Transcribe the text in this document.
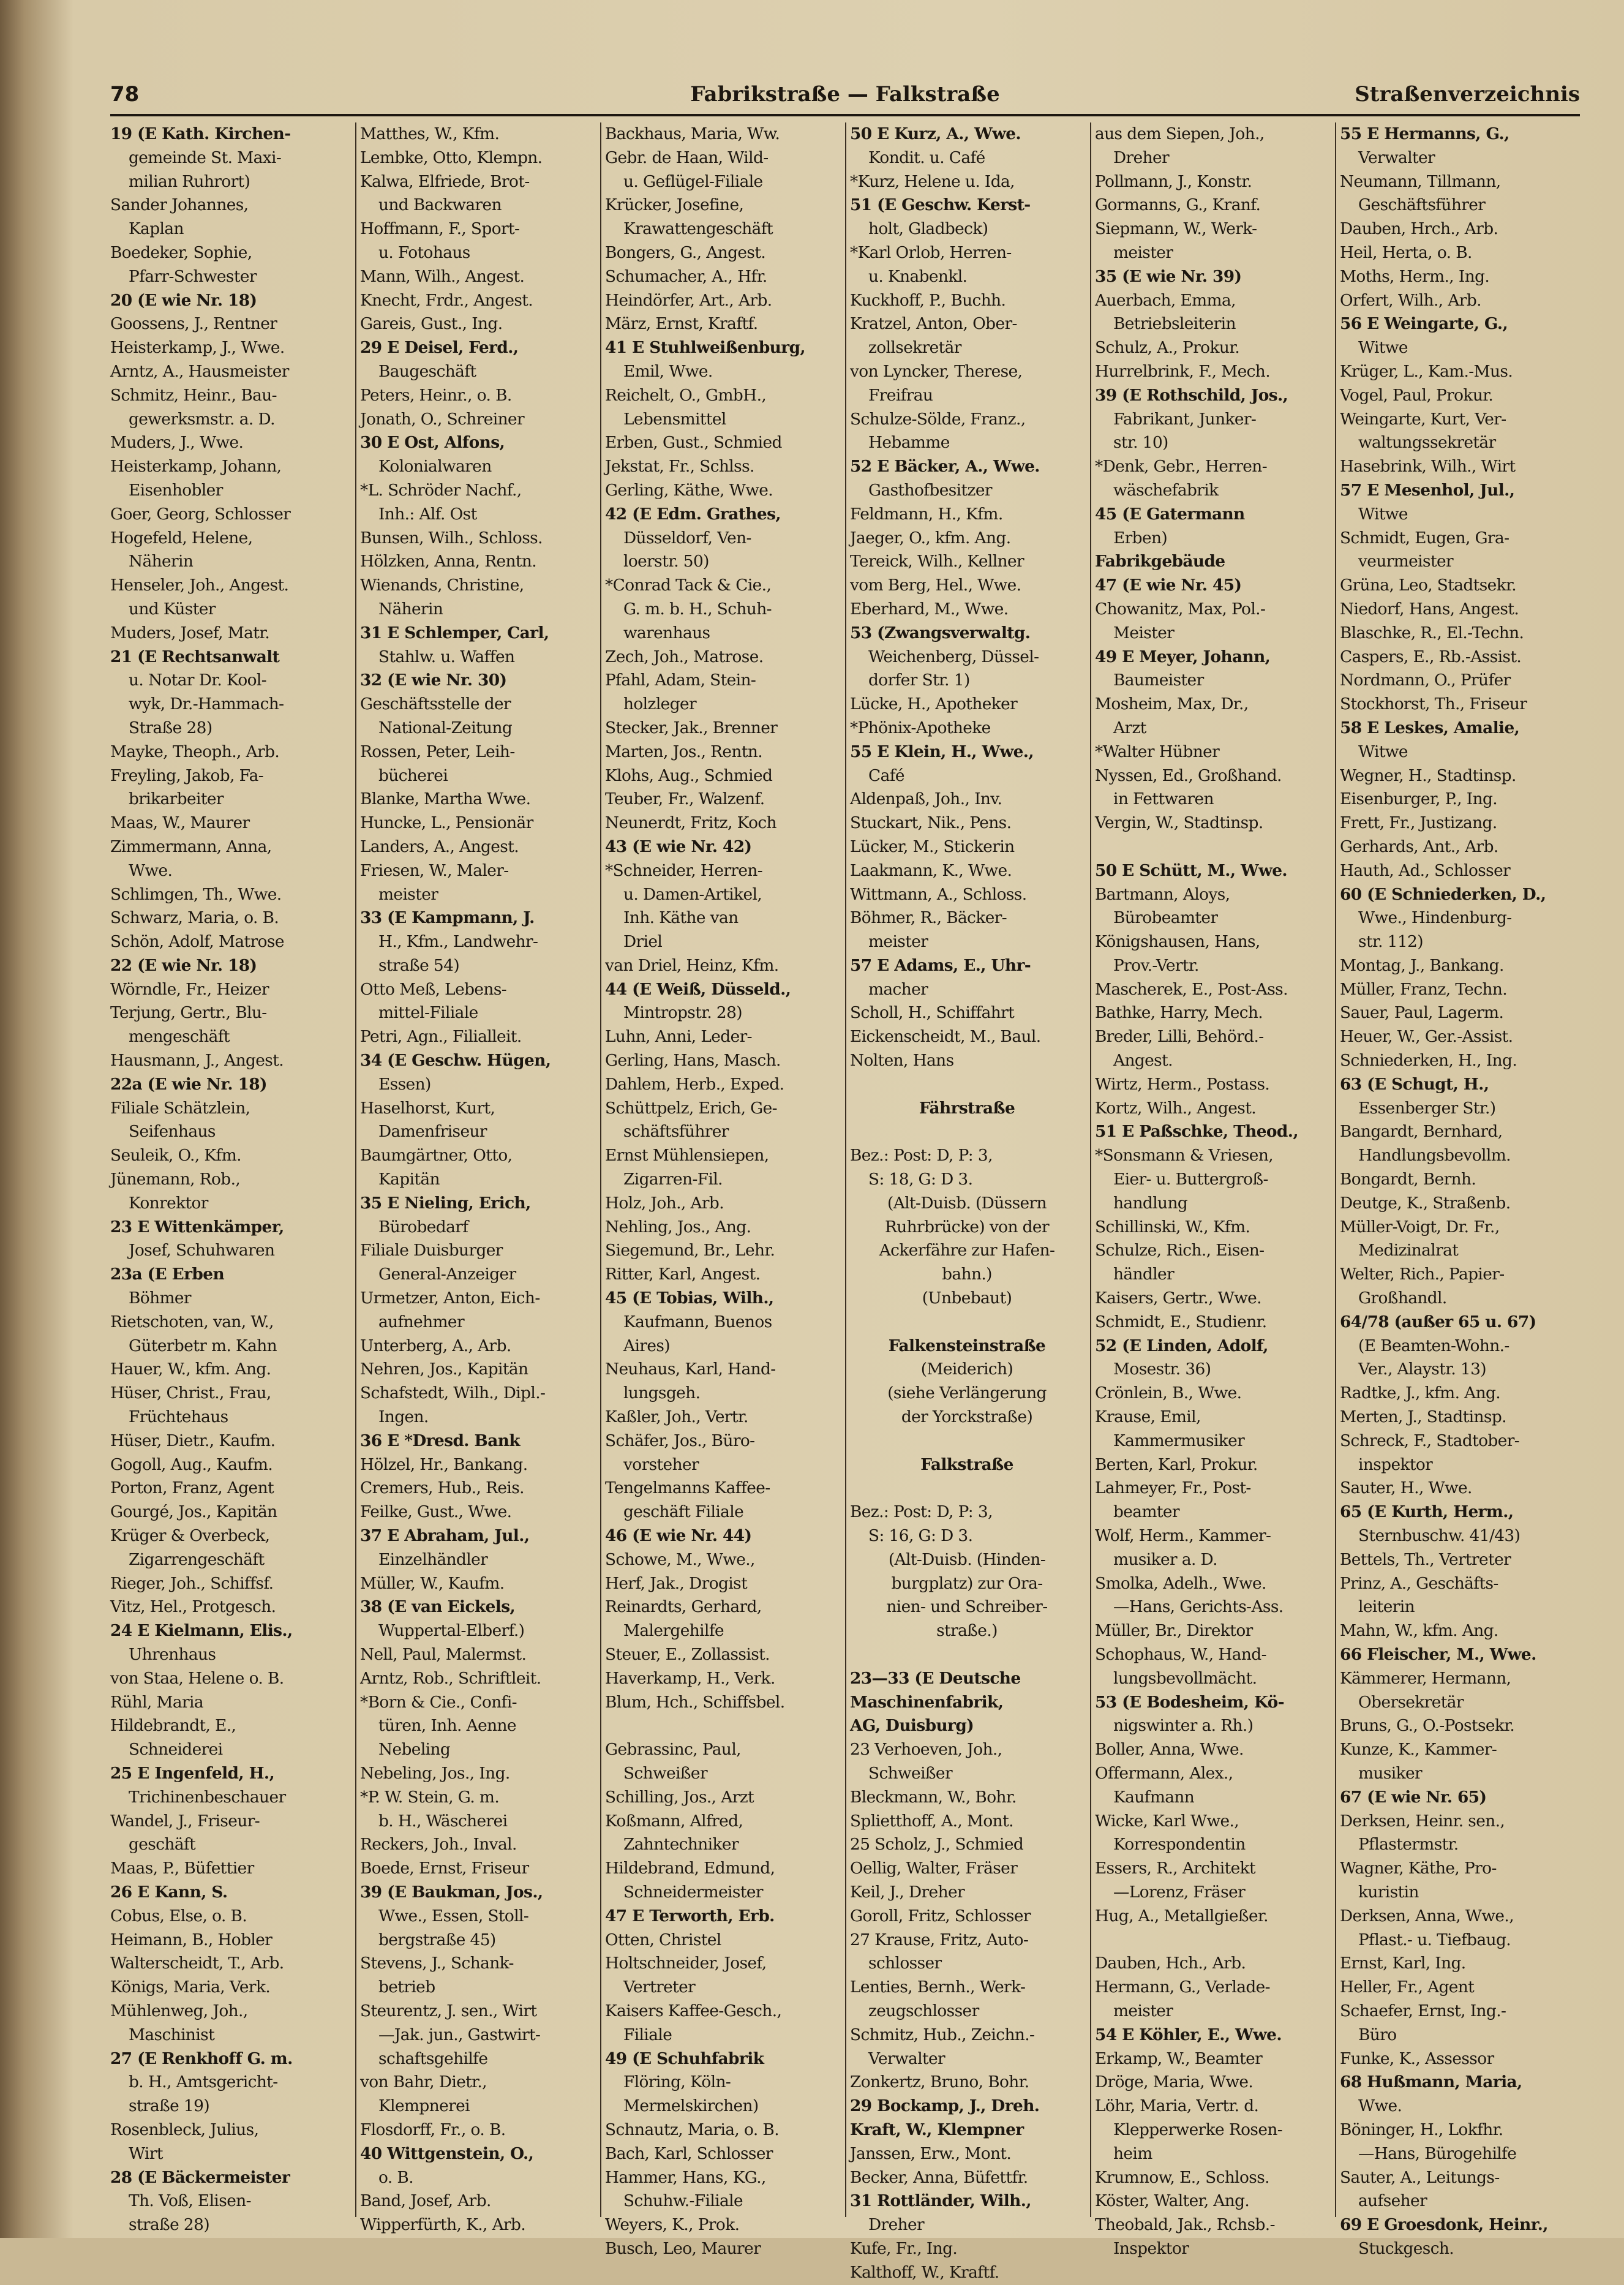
78	Fabrikstraße — Falkstraße	Straßenverzeichnis
19 (E Kath. Kirchen-
gemeinde St. Maxi-
milian Ruhrort)
Sander Johannes,
Kaplan
Boedeker, Sophie,
Pfarr-Schwester
20 (E wie Nr. 18)
Goossens, J., Rentner
Heisterkamp, J., Wwe.
Arntz, A., Hausmeister
Schmitz, Heinr., Bau-
gewerksmstr. a. D.
Muders, J., Wwe.
Heisterkamp, Johann,
Eisenhobler
Goer, Georg, Schlosser
Hogefeld, Helene,
Näherin
Henseler, Joh., Angest.
und Küster
Muders, Josef, Matr.
21 (E Rechtsanwalt
u. Notar Dr. Kool-
wyk, Dr.-Hammach-
Straße 28)
Mayke, Theoph., Arb.
Freyling, Jakob, Fa-
brikarbeiter
Maas, W., Maurer
Zimmermann, Anna,
Wwe.
Schlimgen, Th., Wwe.
Schwarz, Maria, o. B.
Schön, Adolf, Matrose
22 (E wie Nr. 18)
Wörndle, Fr., Heizer
Terjung, Gertr., Blu-
mengeschäft
Hausmann, J., Angest.
22a (E wie Nr. 18)
Filiale Schätzlein,
Seifenhaus
Seuleik, O., Kfm.
Jünemann, Rob.,
Konrektor
23 E Wittenkämper,
Josef, Schuhwaren
23a (E Erben
Böhmer
Rietschoten, van, W.,
Güterbetr m. Kahn
Hauer, W., kfm. Ang.
Hüser, Christ., Frau,
Früchtehaus
Hüser, Dietr., Kaufm.
Gogoll, Aug., Kaufm.
Porton, Franz, Agent
Gourgé, Jos., Kapitän
Krüger & Overbeck,
Zigarrengeschäft
Rieger, Joh., Schiffsf.
Vitz, Hel., Protgesch.
24 E Kielmann, Elis.,
Uhrenhaus
von Staa, Helene o. B.
Rühl, Maria
Hildebrandt, E.,
Schneiderei
25 E Ingenfeld, H.,
Trichinenbeschauer
Wandel, J., Friseur-
geschäft
Maas, P., Büfettier
26 E Kann, S.
Cobus, Else, o. B.
Heimann, B., Hobler
Walterscheidt, T., Arb.
Königs, Maria, Verk.
Mühlenweg, Joh.,
Maschinist
27 (E Renkhoff G. m.
b. H., Amtsgericht-
straße 19)
Rosenbleck, Julius,
Wirt
28 (E Bäckermeister
Th. Voß, Elisen-
straße 28)
Matthes, W., Kfm.
Lembke, Otto, Klempn.
Kalwa, Elfriede, Brot-
und Backwaren
Hoffmann, F., Sport-
u. Fotohaus
Mann, Wilh., Angest.
Knecht, Frdr., Angest.
Gareis, Gust., Ing.
29 E Deisel, Ferd.,
Baugeschäft
Peters, Heinr., o. B.
Jonath, O., Schreiner
30 E Ost, Alfons,
Kolonialwaren
*L. Schröder Nachf.,
Inh.: Alf. Ost
Bunsen, Wilh., Schloss.
Hölzken, Anna, Rentn.
Wienands, Christine,
Näherin
31 E Schlemper, Carl,
Stahlw. u. Waffen
32 (E wie Nr. 30)
Geschäftsstelle der
National-Zeitung
Rossen, Peter, Leih-
bücherei
Blanke, Martha Wwe.
Huncke, L., Pensionär
Landers, A., Angest.
Friesen, W., Maler-
meister
33 (E Kampmann, J.
H., Kfm., Landwehr-
straße 54)
Otto Meß, Lebens-
mittel-Filiale
Petri, Agn., Filialleit.
34 (E Geschw. Hügen,
Essen)
Haselhorst, Kurt,
Damenfriseur
Baumgärtner, Otto,
Kapitän
35 E Nieling, Erich,
Bürobedarf
Filiale Duisburger
General-Anzeiger
Urmetzer, Anton, Eich-
aufnehmer
Unterberg, A., Arb.
Nehren, Jos., Kapitän
Schafstedt, Wilh., Dipl.-
Ingen.
36 E *Dresd. Bank
Hölzel, Hr., Bankang.
Cremers, Hub., Reis.
Feilke, Gust., Wwe.
37 E Abraham, Jul.,
Einzelhändler
Müller, W., Kaufm.
38 (E van Eickels,
Wuppertal-Elberf.)
Nell, Paul, Malermst.
Arntz, Rob., Schriftleit.
*Born & Cie., Confi-
türen, Inh. Aenne
Nebeling
Nebeling, Jos., Ing.
*P. W. Stein, G. m.
b. H., Wäscherei
Reckers, Joh., Inval.
Boede, Ernst, Friseur
39 (E Baukman, Jos.,
Wwe., Essen, Stoll-
bergstraße 45)
Stevens, J., Schank-
betrieb
Steurentz, J. sen., Wirt
—Jak. jun., Gastwirt-
schaftsgehilfe
von Bahr, Dietr.,
Klempnerei
Flosdorff, Fr., o. B.
40 Wittgenstein, O.,
o. B.
Band, Josef, Arb.
Wipperfürth, K., Arb.
Backhaus, Maria, Ww.
Gebr. de Haan, Wild-
u. Geflügel-Filiale
Krücker, Josefine,
Krawattengeschäft
Bongers, G., Angest.
Schumacher, A., Hfr.
Heindörfer, Art., Arb.
März, Ernst, Kraftf.
41 E Stuhlweißenburg,
Emil, Wwe.
Reichelt, O., GmbH.,
Lebensmittel
Erben, Gust., Schmied
Jekstat, Fr., Schlss.
Gerling, Käthe, Wwe.
42 (E Edm. Grathes,
Düsseldorf, Ven-
loerstr. 50)
*Conrad Tack & Cie.,
G. m. b. H., Schuh-
warenhaus
Zech, Joh., Matrose.
Pfahl, Adam, Stein-
holzleger
Stecker, Jak., Brenner
Marten, Jos., Rentn.
Klohs, Aug., Schmied
Teuber, Fr., Walzenf.
Neunerdt, Fritz, Koch
43 (E wie Nr. 42)
*Schneider, Herren-
u. Damen-Artikel,
Inh. Käthe van
Driel
van Driel, Heinz, Kfm.
44 (E Weiß, Düsseld.,
Mintropstr. 28)
Luhn, Anni, Leder-
Gerling, Hans, Masch.
Dahlem, Herb., Exped.
Schüttpelz, Erich, Ge-
schäftsführer
Ernst Mühlensiepen,
Zigarren-Fil.
Holz, Joh., Arb.
Nehling, Jos., Ang.
Siegemund, Br., Lehr.
Ritter, Karl, Angest.
45 (E Tobias, Wilh.,
Kaufmann, Buenos
Aires)
Neuhaus, Karl, Hand-
lungsgeh.
Kaßler, Joh., Vertr.
Schäfer, Jos., Büro-
vorsteher
Tengelmanns Kaffee-
geschäft Filiale
46 (E wie Nr. 44)
Schowe, M., Wwe.,
Herf, Jak., Drogist
Reinardts, Gerhard,
Malergehilfe
Steuer, E., Zollassist.
Haverkamp, H., Verk.
Blum, Hch., Schiffsbel.
Gebrassinc, Paul,
Schweißer
Schilling, Jos., Arzt
Koßmann, Alfred,
Zahntechniker
Hildebrand, Edmund,
Schneidermeister
47 E Terworth, Erb.
Otten, Christel
Holtschneider, Josef,
Vertreter
Kaisers Kaffee-Gesch.,
Filiale
49 (E Schuhfabrik
Flöring, Köln-
Mermelskirchen)
Schnautz, Maria, o. B.
Bach, Karl, Schlosser
Hammer, Hans, KG.,
Schuhw.-Filiale
Weyers, K., Prok.
Busch, Leo, Maurer
50 E Kurz, A., Wwe.
Kondit. u. Café
*Kurz, Helene u. Ida,
51 (E Geschw. Kerst-
holt, Gladbeck)
*Karl Orlob, Herren-
u. Knabenkl.
Kuckhoff, P., Buchh.
Kratzel, Anton, Ober-
zollsekretär
von Lyncker, Therese,
Freifrau
Schulze-Sölde, Franz.,
Hebamme
52 E Bäcker, A., Wwe.
Gasthofbesitzer
Feldmann, H., Kfm.
Jaeger, O., kfm. Ang.
Tereick, Wilh., Kellner
vom Berg, Hel., Wwe.
Eberhard, M., Wwe.
53 (Zwangsverwaltg.
Weichenberg, Düssel-
dorfer Str. 1)
Lücke, H., Apotheker
*Phönix-Apotheke
55 E Klein, H., Wwe.,
Café
Aldenpaß, Joh., Inv.
Stuckart, Nik., Pens.
Lücker, M., Stickerin
Laakmann, K., Wwe.
Wittmann, A., Schloss.
Böhmer, R., Bäcker-
meister
57 E Adams, E., Uhr-
macher
Scholl, H., Schiffahrt
Eickenscheidt, M., Baul.
Nolten, Hans
Fährstraße
Bez.: Post: D, P: 3,
S: 18, G: D 3.
(Alt-Duisb. (Düssern
Ruhrbrücke) von der
Ackerfähre zur Hafen-
bahn.)
(Unbebaut)
Falkensteinstraße
(Meiderich)
(siehe Verlängerung
der Yorckstraße)
Falkstraße
Bez.: Post: D, P: 3,
S: 16, G: D 3.
(Alt-Duisb. (Hinden-
burgplatz) zur Ora-
nien- und Schreiber-
straße.)
23—33 (E Deutsche
Maschinenfabrik,
AG, Duisburg)
23 Verhoeven, Joh.,
Schweißer
Bleckmann, W., Bohr.
Splietthoff, A., Mont.
25 Scholz, J., Schmied
Oellig, Walter, Fräser
Keil, J., Dreher
Goroll, Fritz, Schlosser
27 Krause, Fritz, Auto-
schlosser
Lenties, Bernh., Werk-
zeugschlosser
Schmitz, Hub., Zeichn.-
Verwalter
Zonkertz, Bruno, Bohr.
29 Bockamp, J., Dreh.
Kraft, W., Klempner
Janssen, Erw., Mont.
Becker, Anna, Büfettfr.
31 Rottländer, Wilh.,
Dreher
Kufe, Fr., Ing.
Kalthoff, W., Kraftf.
aus dem Siepen, Joh.,
Dreher
Pollmann, J., Konstr.
Gormanns, G., Kranf.
Siepmann, W., Werk-
meister
35 (E wie Nr. 39)
Auerbach, Emma,
Betriebsleiterin
Schulz, A., Prokur.
Hurrelbrink, F., Mech.
39 (E Rothschild, Jos.,
Fabrikant, Junker-
str. 10)
*Denk, Gebr., Herren-
wäschefabrik
45 (E Gatermann
Erben)
Fabrikgebäude
47 (E wie Nr. 45)
Chowanitz, Max, Pol.-
Meister
49 E Meyer, Johann,
Baumeister
Mosheim, Max, Dr.,
Arzt
*Walter Hübner
Nyssen, Ed., Großhand.
in Fettwaren
Vergin, W., Stadtinsp.
50 E Schütt, M., Wwe.
Bartmann, Aloys,
Bürobeamter
Königshausen, Hans,
Prov.-Vertr.
Mascherek, E., Post-Ass.
Bathke, Harry, Mech.
Breder, Lilli, Behörd.-
Angest.
Wirtz, Herm., Postass.
Kortz, Wilh., Angest.
51 E Paßschke, Theod.,
*Sonsmann & Vriesen,
Eier- u. Buttergroß-
handlung
Schillinski, W., Kfm.
Schulze, Rich., Eisen-
händler
Kaisers, Gertr., Wwe.
Schmidt, E., Studienr.
52 (E Linden, Adolf,
Mosestr. 36)
Crönlein, B., Wwe.
Krause, Emil,
Kammermusiker
Berten, Karl, Prokur.
Lahmeyer, Fr., Post-
beamter
Wolf, Herm., Kammer-
musiker a. D.
Smolka, Adelh., Wwe.
—Hans, Gerichts-Ass.
Müller, Br., Direktor
Schophaus, W., Hand-
lungsbevollmächt.
53 (E Bodesheim, Kö-
nigswinter a. Rh.)
Boller, Anna, Wwe.
Offermann, Alex.,
Kaufmann
Wicke, Karl Wwe.,
Korrespondentin
Essers, R., Architekt
—Lorenz, Fräser
Hug, A., Metallgießer.
Dauben, Hch., Arb.
Hermann, G., Verlade-
meister
54 E Köhler, E., Wwe.
Erkamp, W., Beamter
Dröge, Maria, Wwe.
Löhr, Maria, Vertr. d.
Klepperwerke Rosen-
heim
Krumnow, E., Schloss.
Köster, Walter, Ang.
Theobald, Jak., Rchsb.-
Inspektor
55 E Hermanns, G.,
Verwalter
Neumann, Tillmann,
Geschäftsführer
Dauben, Hrch., Arb.
Heil, Herta, o. B.
Moths, Herm., Ing.
Orfert, Wilh., Arb.
56 E Weingarte, G.,
Witwe
Krüger, L., Kam.-Mus.
Vogel, Paul, Prokur.
Weingarte, Kurt, Ver-
waltungssekretär
Hasebrink, Wilh., Wirt
57 E Mesenhol, Jul.,
Witwe
Schmidt, Eugen, Gra-
veurmeister
Grüna, Leo, Stadtsekr.
Niedorf, Hans, Angest.
Blaschke, R., El.-Techn.
Caspers, E., Rb.-Assist.
Nordmann, O., Prüfer
Stockhorst, Th., Friseur
58 E Leskes, Amalie,
Witwe
Wegner, H., Stadtinsp.
Eisenburger, P., Ing.
Frett, Fr., Justizang.
Gerhards, Ant., Arb.
Hauth, Ad., Schlosser
60 (E Schniederken, D.,
Wwe., Hindenburg-
str. 112)
Montag, J., Bankang.
Müller, Franz, Techn.
Sauer, Paul, Lagerm.
Heuer, W., Ger.-Assist.
Schniederken, H., Ing.
63 (E Schugt, H.,
Essenberger Str.)
Bangardt, Bernhard,
Handlungsbevollm.
Bongardt, Bernh.
Deutge, K., Straßenb.
Müller-Voigt, Dr. Fr.,
Medizinalrat
Welter, Rich., Papier-
Großhandl.
64/78 (außer 65 u. 67)
(E Beamten-Wohn.-
Ver., Alaystr. 13)
Radtke, J., kfm. Ang.
Merten, J., Stadtinsp.
Schreck, F., Stadtober-
inspektor
Sauter, H., Wwe.
65 (E Kurth, Herm.,
Sternbuschw. 41/43)
Bettels, Th., Vertreter
Prinz, A., Geschäfts-
leiterin
Mahn, W., kfm. Ang.
66 Fleischer, M., Wwe.
Kämmerer, Hermann,
Obersekretär
Bruns, G., O.-Postsekr.
Kunze, K., Kammer-
musiker
67 (E wie Nr. 65)
Derksen, Heinr. sen.,
Pflastermstr.
Wagner, Käthe, Pro-
kuristin
Derksen, Anna, Wwe.,
Pflast.- u. Tiefbaug.
Ernst, Karl, Ing.
Heller, Fr., Agent
Schaefer, Ernst, Ing.-
Büro
Funke, K., Assessor
68 Hußmann, Maria,
Wwe.
Böninger, H., Lokfhr.
—Hans, Bürogehilfe
Sauter, A., Leitungs-
aufseher
69 E Groesdonk, Heinr.,
Stuckgesch.
